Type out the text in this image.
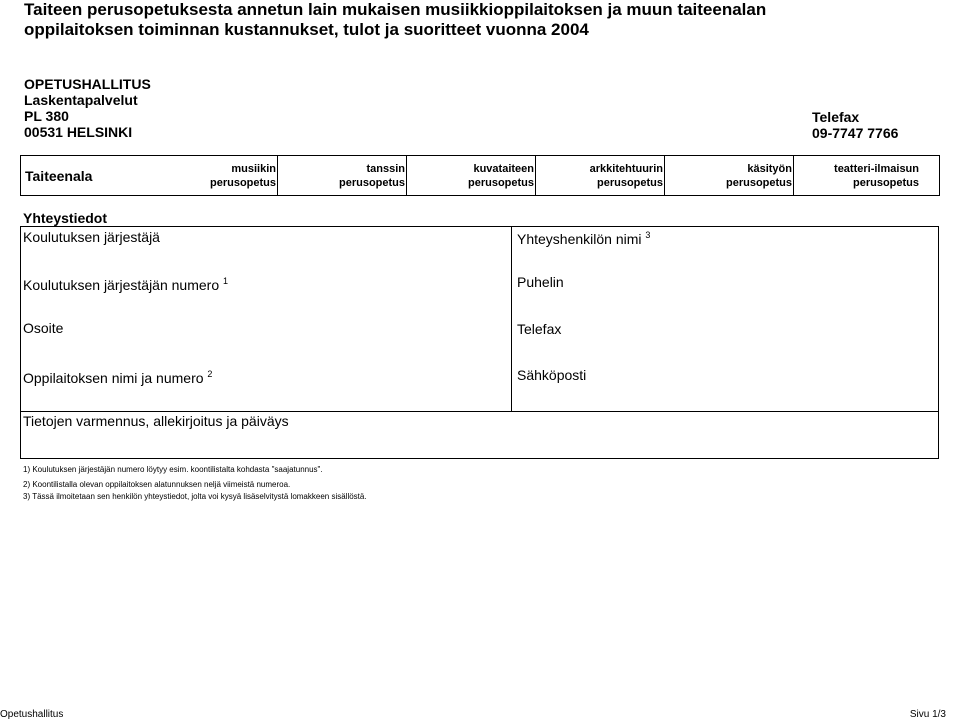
Taiteen perusopetuksesta annetun lain mukaisen musiikkioppilaitoksen ja muun taiteenalan
oppilaitoksen toiminnan kustannukset, tulot ja suoritteet vuonna 2004
OPETUSHALLITUS
Laskentapalvelut
PL 380
00531 HELSINKI
Telefax
09-7747 7766
Taiteenala	musiikin
perusopetus
tanssin
perusopetus
kuvataiteen
perusopetus
arkkitehtuurin
perusopetus
käsityön
perusopetus
teatteri-ilmaisun
perusopetus
Yhteystiedot
Koulutuksen järjestäjä
Koulutuksen järjestäjän numero $^1$
Osoite
Oppilaitoksen nimi ja numero $^2$
Yhteyshenkilön nimi $^3$
Puhelin
Telefax
Sähköposti
Tietojen varmennus, allekirjoitus ja päiväys
1) Koulutuksen järjestäjän numero löytyy esim. koontilistalta kohdasta "saajatunnus".
2) Koontilistalla olevan oppilaitoksen alatunnuksen neljä viimeistä numeroa.
3) Tässä ilmoitetaan sen henkilön yhteystiedot, jolta voi kysyä lisäselvitystä lomakkeen sisällöstä.
Opetushallitus	Sivu 1/3
